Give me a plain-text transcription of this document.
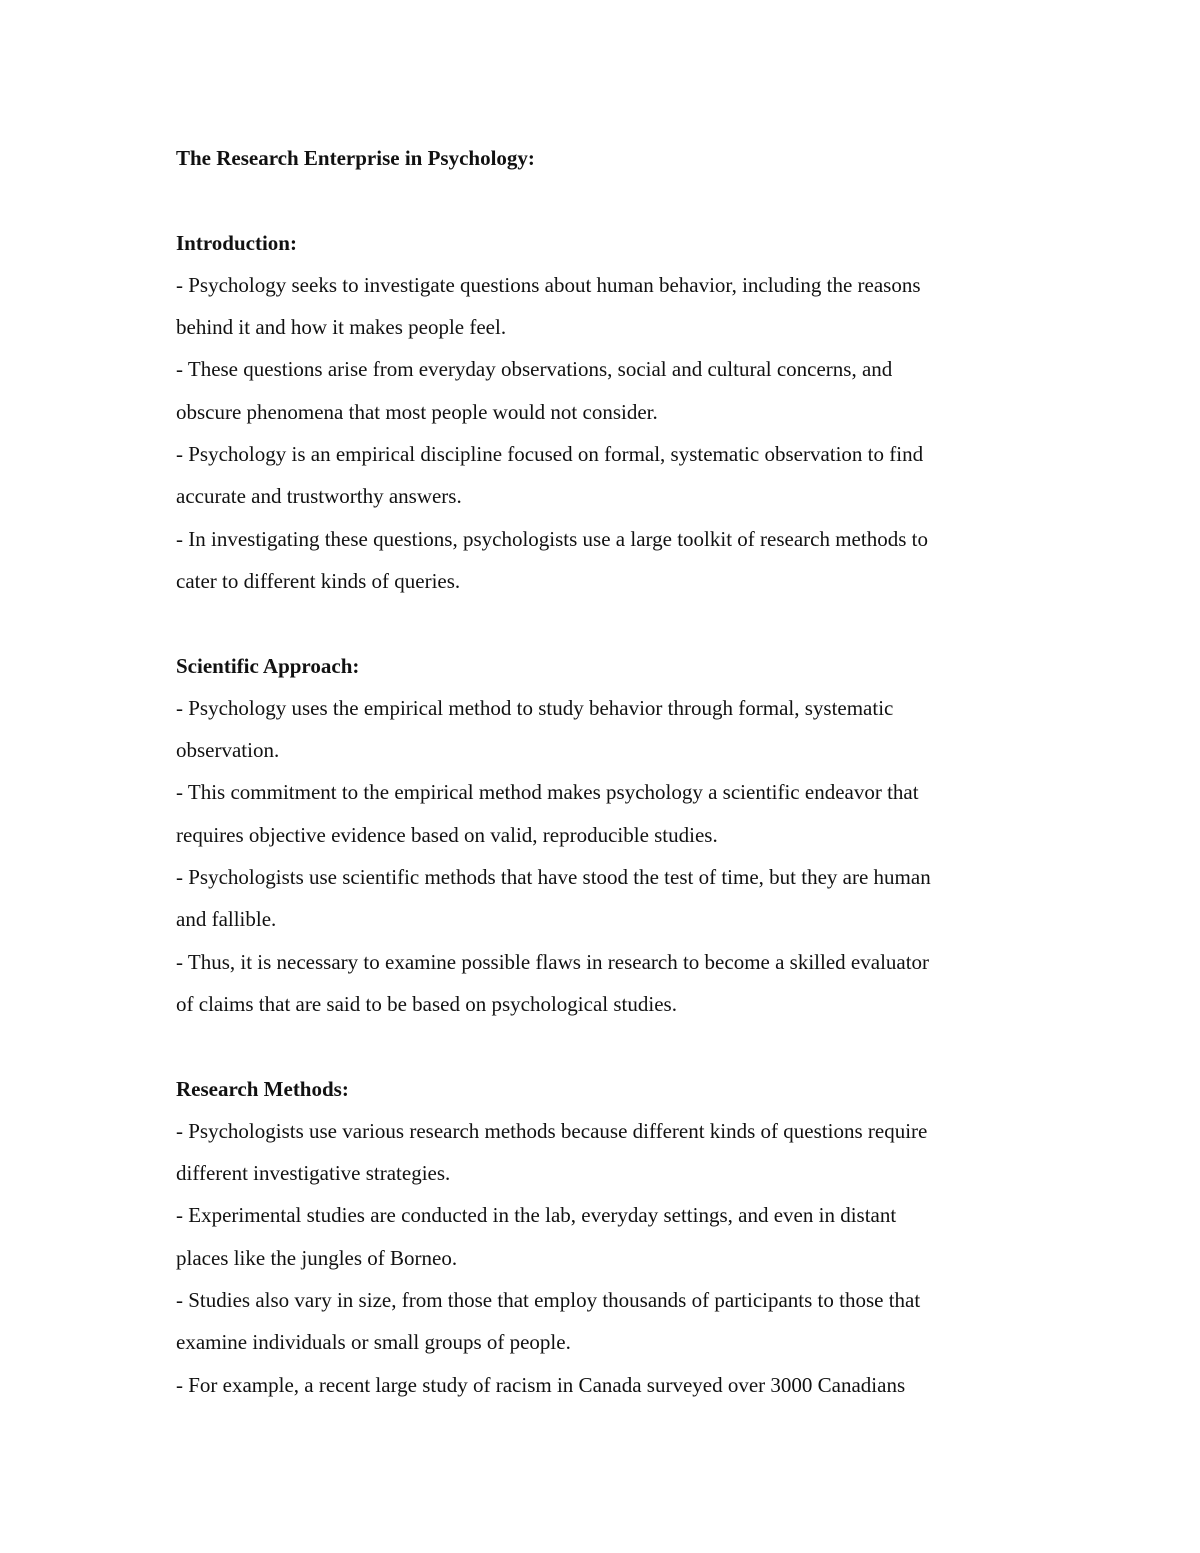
The Research Enterprise in Psychology:

Introduction:

- Psychology seeks to investigate questions about human behavior, including the reasons

behind it and how it makes people feel.

- These questions arise from everyday observations, social and cultural concerns, and

obscure phenomena that most people would not consider.

- Psychology is an empirical discipline focused on formal, systematic observation to find

accurate and trustworthy answers.

- In investigating these questions, psychologists use a large toolkit of research methods to

cater to different kinds of queries.

Scientific Approach:

- Psychology uses the empirical method to study behavior through formal, systematic

observation.

- This commitment to the empirical method makes psychology a scientific endeavor that

requires objective evidence based on valid, reproducible studies.

- Psychologists use scientific methods that have stood the test of time, but they are human

and fallible.

- Thus, it is necessary to examine possible flaws in research to become a skilled evaluator

of claims that are said to be based on psychological studies.

Research Methods:

- Psychologists use various research methods because different kinds of questions require

different investigative strategies.

- Experimental studies are conducted in the lab, everyday settings, and even in distant

places like the jungles of Borneo.

- Studies also vary in size, from those that employ thousands of participants to those that

examine individuals or small groups of people.

- For example, a recent large study of racism in Canada surveyed over 3000 Canadians
